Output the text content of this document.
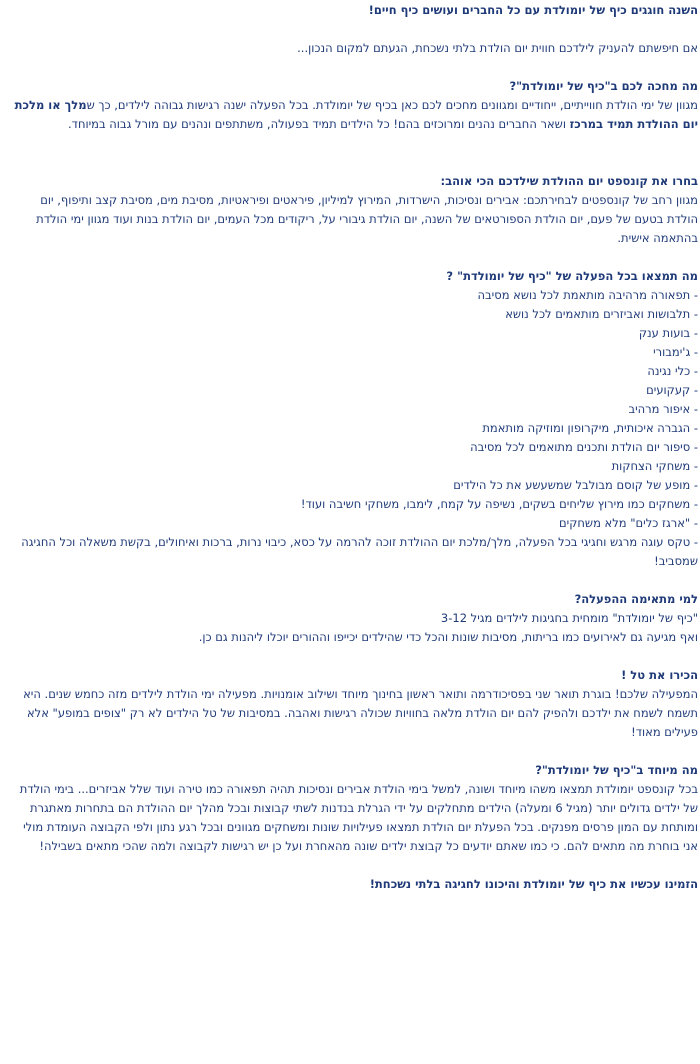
השנה חוגגים כיף של יומולדת עם כל החברים ועושים כיף חיים!

אם חיפשתם להעניק לילדכם חווית יום הולדת בלתי נשכחת, הגעתם למקום הנכון...

מה מחכה לכם ב"כיף של יומולדת"?

מגוון של ימי הולדת חווייתיים, ייחודיים ומגוונים מחכים לכם כאן בכיף של יומולדת. בכל הפעלה ישנה רגישות גבוהה לילדים, כך שמלך או מלכת יום ההולדת תמיד במרכז ושאר החברים נהנים ומרוכזים בהם! כל הילדים תמיד בפעולה, משתתפים ונהנים עם מורל גבוה במיוחד.

בחרו את קונספט יום ההולדת שילדכם הכי אוהב:

מגוון רחב של קונספטים לבחירתכם: אבירים ונסיכות, הישרדות, המירוץ למיליון, פיראטים ופיראטיות, מסיבת מים, מסיבת קצב ותיפוף, יום הולדת בטעם של פעם, יום הולדת הספורטאים של השנה, יום הולדת גיבורי על, ריקודים מכל העמים, יום הולדת בנות ועוד מגוון ימי הולדת בהתאמה אישית.

מה תמצאו בכל הפעלה של "כיף של יומולדת" ?

- תפאורה מרהיבה מותאמת לכל נושא מסיבה

- תלבושות ואביזרים מותאמים לכל נושא

- בועות ענק

- ג'ימבורי

- כלי נגינה

- קעקועים

- איפור מרהיב

- הגברה איכותית, מיקרופון ומוזיקה מותאמת

- סיפור יום הולדת ותכנים מתואמים לכל מסיבה

- משחקי הצחקות

- מופע של קוסם מבולבל שמשעשע את כל הילדים

- משחקים כמו מירוץ שליחים בשקים, נשיפה על קמח, לימבו, משחקי חשיבה ועוד!

- "ארגז כלים" מלא משחקים

- טקס עוגה מרגש וחגיגי בכל הפעלה, מלך/מלכת יום ההולדת זוכה להרמה על כסא, כיבוי נרות, ברכות ואיחולים, בקשת משאלה וכל החגיגה שמסביב!

למי מתאימה ההפעלה?

"כיף של יומולדת" מומחית בחגיגות לילדים מגיל 3-12

ואף מגיעה גם לאירועים כמו בריתות, מסיבות שונות והכל כדי שהילדים יכייפו וההורים יוכלו ליהנות גם כן.

הכירו את טל !

המפעילה שלכם! בוגרת תואר שני בפסיכודרמה ותואר ראשון בחינוך מיוחד ושילוב אומנויות. מפעילה ימי הולדת לילדים מזה כחמש שנים. היא תשמח לשמח את ילדכם ולהפיק להם יום הולדת מלאה בחוויות שכולה רגישות ואהבה. במסיבות של טל הילדים לא רק "צופים במופע" אלא פעילים מאוד!

מה מיוחד ב"כיף של יומולדת"?

בכל קונספט יומולדת תמצאו משהו מיוחד ושונה, למשל בימי הולדת אבירים ונסיכות תהיה תפאורה כמו טירה ועוד שלל אביזרים... בימי הולדת של ילדים גדולים יותר (מגיל 6 ומעלה) הילדים מתחלקים על ידי הגרלת בנדנות לשתי קבוצות ובכל מהלך יום ההולדת הם בתחרות מאתגרת ומותחת עם המון פרסים מפנקים. בכל הפעלת יום הולדת תמצאו פעילויות שונות ומשחקים מגוונים ובכל רגע נתון ולפי הקבוצה העומדת מולי אני בוחרת מה מתאים להם. כי כמו שאתם יודעים כל קבוצת ילדים שונה מהאחרת ועל כן יש רגישות לקבוצה ולמה שהכי מתאים בשבילה!

הזמינו עכשיו את כיף של יומולדת והיכונו לחגיגה בלתי נשכחת!
